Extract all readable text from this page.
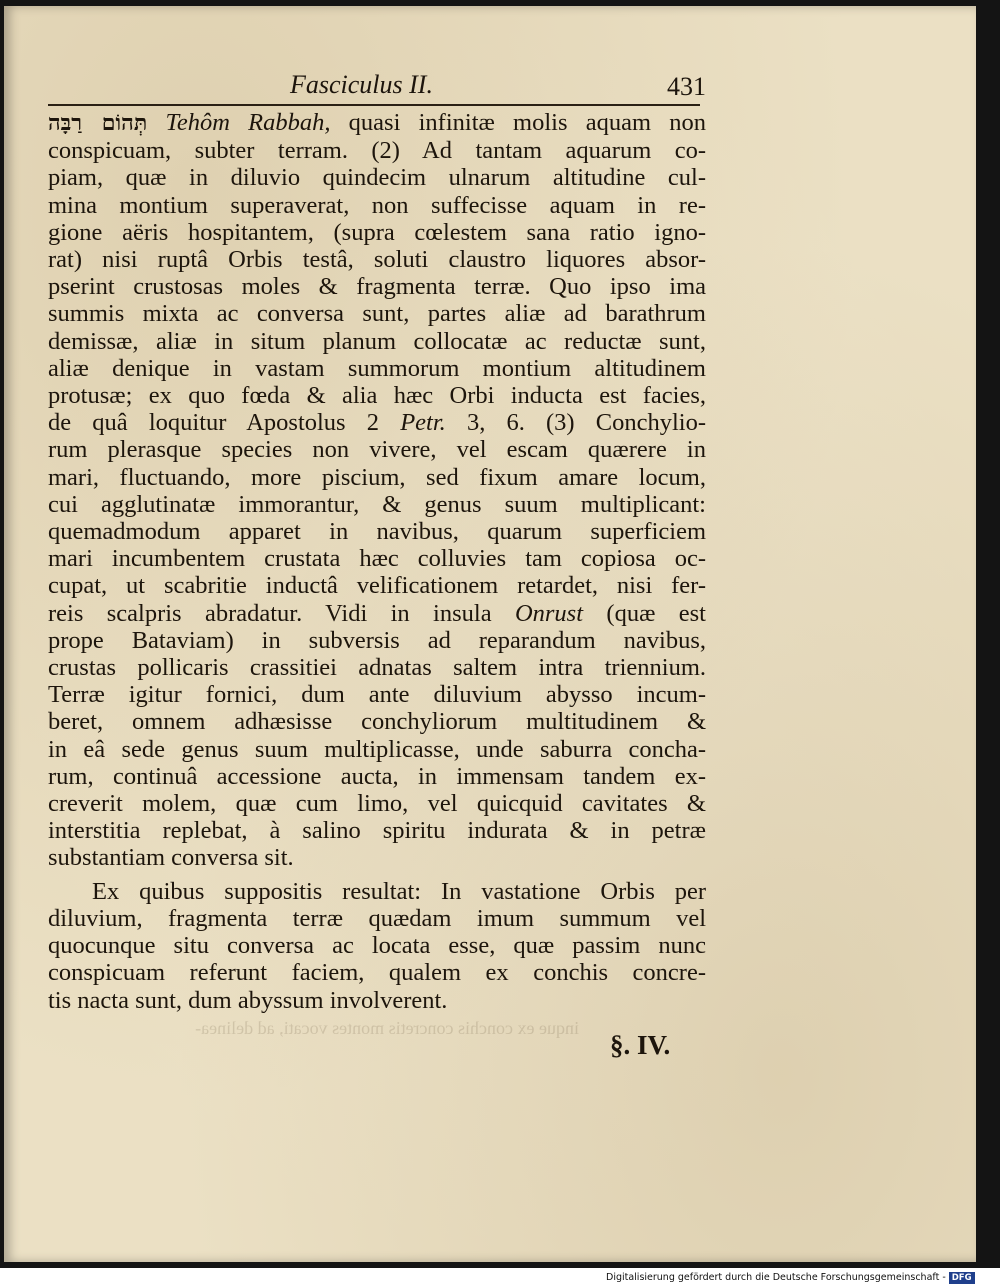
inque ex conchis concretis montes vocati, ad delinea-
Fasciculus II.	431
תְּהוֹם רַבָּה Tehôm Rabbah, quasi infinitæ molis aquam non
conspicuam, subter terram. (2) Ad tantam aquarum co-
piam, quæ in diluvio quindecim ulnarum altitudine cul-
mina montium superaverat, non suffecisse aquam in re-
gione aëris hospitantem, (supra cœlestem sana ratio igno-
rat) nisi ruptâ Orbis testâ, soluti claustro liquores absor-
pserint crustosas moles & fragmenta terræ. Quo ipso ima
summis mixta ac conversa sunt, partes aliæ ad barathrum
demissæ, aliæ in situm planum collocatæ ac reductæ sunt,
aliæ denique in vastam summorum montium altitudinem
protusæ; ex quo fœda & alia hæc Orbi inducta est facies,
de quâ loquitur Apostolus 2 Petr. 3, 6. (3) Conchylio-
rum plerasque species non vivere, vel escam quærere in
mari, fluctuando, more piscium, sed fixum amare locum,
cui agglutinatæ immorantur, & genus suum multiplicant:
quemadmodum apparet in navibus, quarum superficiem
mari incumbentem crustata hæc colluvies tam copiosa oc-
cupat, ut scabritie inductâ velificationem retardet, nisi fer-
reis scalpris abradatur. Vidi in insula Onrust (quæ est
prope Bataviam) in subversis ad reparandum navibus,
crustas pollicaris crassitiei adnatas saltem intra triennium.
Terræ igitur fornici, dum ante diluvium abysso incum-
beret, omnem adhæsisse conchyliorum multitudinem &
in eâ sede genus suum multiplicasse, unde saburra concha-
rum, continuâ accessione aucta, in immensam tandem ex-
creverit molem, quæ cum limo, vel quicquid cavitates &
interstitia replebat, à salino spiritu indurata & in petræ
substantiam conversa sit.
Ex quibus suppositis resultat: In vastatione Orbis per
diluvium, fragmenta terræ quædam imum summum vel
quocunque situ conversa ac locata esse, quæ passim nunc
conspicuam referunt faciem, qualem ex conchis concre-
tis nacta sunt, dum abyssum involverent.
§. IV.
Digitalisierung gefördert durch die Deutsche Forschungsgemeinschaft - DFG
